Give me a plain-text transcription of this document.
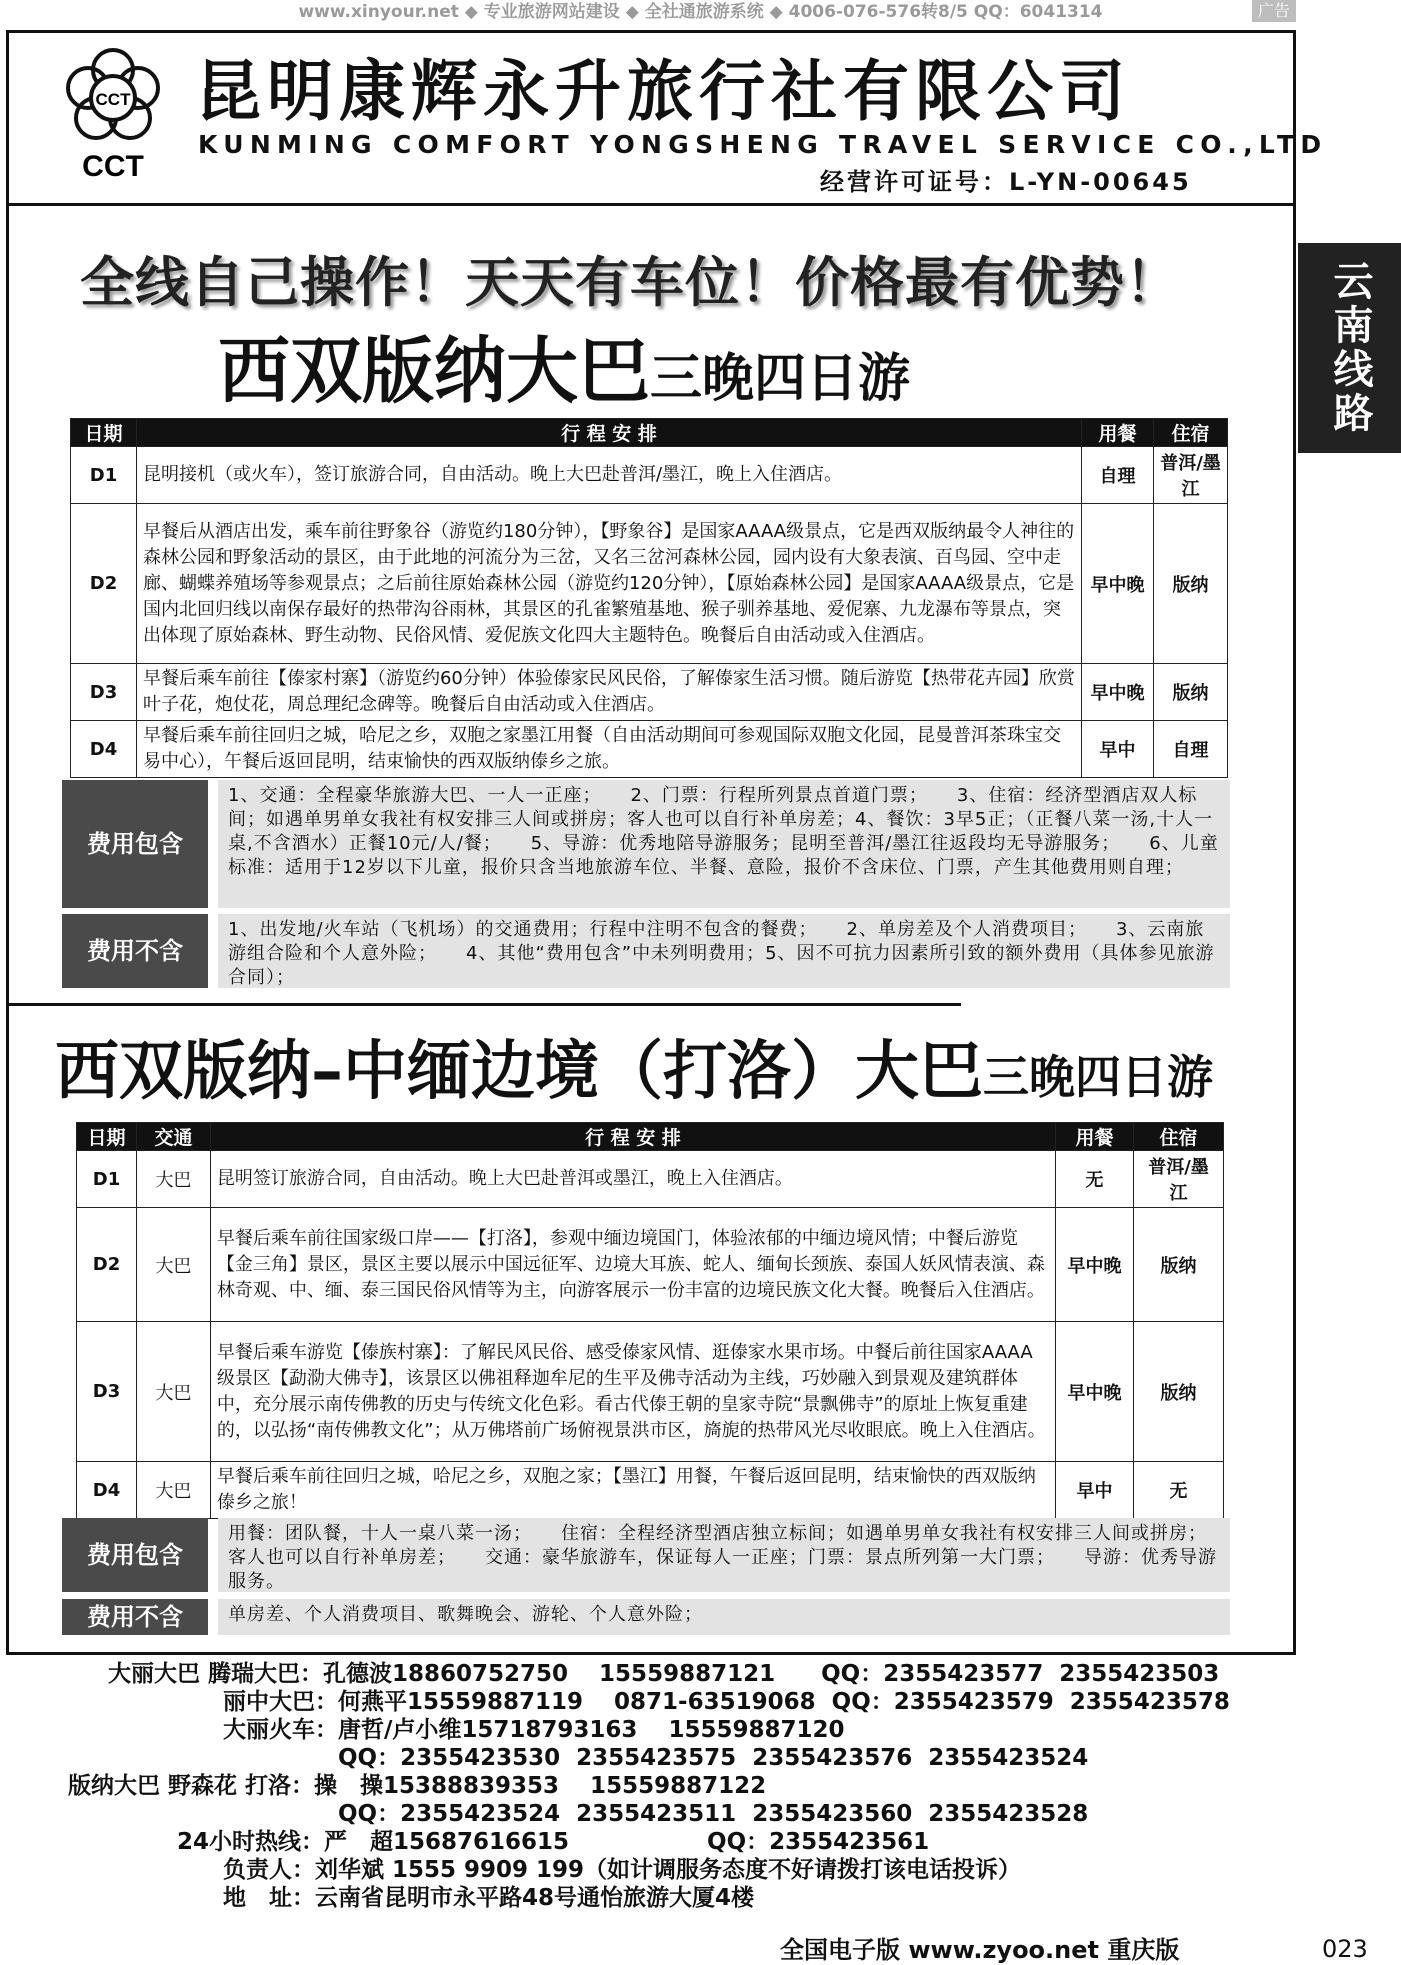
www.xinyour.net ◆ 专业旅游网站建设 ◆ 全社通旅游系统 ◆ 4006-076-576转8/5 QQ：6041314	广告
CCT
CCT
昆明康辉永升旅行社有限公司
KUNMING COMFORT YONGSHENG TRAVEL SERVICE CO.,LTD
经营许可证号：L-YN-00645
全线自己操作！天天有车位！价格最有优势！	云南线路
西双版纳大巴三晚四日游
日期	行 程 安 排	用餐	住宿
D1	昆明接机（或火车），签订旅游合同，自由活动。晚上大巴赴普洱/墨江，晚上入住酒店。	自理	普洱/墨江
D2	早餐后从酒店出发，乘车前往野象谷（游览约180分钟），【野象谷】是国家AAAA级景点，它是西双版纳最令人神往的森林公园和野象活动的景区，由于此地的河流分为三岔，又名三岔河森林公园，园内设有大象表演、百鸟园、空中走廊、蝴蝶养殖场等参观景点；之后前往原始森林公园（游览约120分钟），【原始森林公园】是国家AAAA级景点，它是国内北回归线以南保存最好的热带沟谷雨林，其景区的孔雀繁殖基地、猴子驯养基地、爱伲寨、九龙瀑布等景点，突出体现了原始森林、野生动物、民俗风情、爱伲族文化四大主题特色。晚餐后自由活动或入住酒店。	早中晚	版纳
D3	早餐后乘车前往【傣家村寨】（游览约60分钟）体验傣家民风民俗，了解傣家生活习惯。随后游览【热带花卉园】欣赏叶子花，炮仗花，周总理纪念碑等。晚餐后自由活动或入住酒店。	早中晚	版纳
D4	早餐后乘车前往回归之城，哈尼之乡，双胞之家墨江用餐（自由活动期间可参观国际双胞文化园，昆曼普洱茶珠宝交易中心），午餐后返回昆明，结束愉快的西双版纳傣乡之旅。	早中	自理
费用包含
1、交通：全程豪华旅游大巴、一人一正座；　　2、门票：行程所列景点首道门票；　　3、住宿：经济型酒店双人标间；如遇单男单女我社有权安排三人间或拼房；客人也可以自行补单房差；4、餐饮：3早5正；（正餐八菜一汤,十人一桌,不含酒水）正餐10元/人/餐；　　5、导游：优秀地陪导游服务；昆明至普洱/墨江往返段均无导游服务；　　6、儿童标准：适用于12岁以下儿童，报价只含当地旅游车位、半餐、意险，报价不含床位、门票，产生其他费用则自理；
费用不含
1、出发地/火车站（飞机场）的交通费用；行程中注明不包含的餐费；　　2、单房差及个人消费项目；　　3、云南旅游组合险和个人意外险；　　4、其他“费用包含”中未列明费用；5、因不可抗力因素所引致的额外费用（具体参见旅游合同）；
西双版纳–中缅边境（打洛）大巴三晚四日游
日期	交通	行 程 安 排	用餐	住宿
D1	大巴	昆明签订旅游合同，自由活动。晚上大巴赴普洱或墨江，晚上入住酒店。	无	普洱/墨江
D2	大巴	早餐后乘车前往国家级口岸——【打洛】，参观中缅边境国门，体验浓郁的中缅边境风情；中餐后游览【金三角】景区，景区主要以展示中国远征军、边境大耳族、蛇人、缅甸长颈族、泰国人妖风情表演、森林奇观、中、缅、泰三国民俗风情等为主，向游客展示一份丰富的边境民族文化大餐。晚餐后入住酒店。	早中晚	版纳
D3	大巴	早餐后乘车游览【傣族村寨】：了解民风民俗、感受傣家风情、逛傣家水果市场。中餐后前往国家AAAA级景区【勐泐大佛寺】，该景区以佛祖释迦牟尼的生平及佛寺活动为主线，巧妙融入到景观及建筑群体中，充分展示南传佛教的历史与传统文化色彩。看古代傣王朝的皇家寺院“景飘佛寺”的原址上恢复重建的，以弘扬“南传佛教文化”；从万佛塔前广场俯视景洪市区，旖旎的热带风光尽收眼底。晚上入住酒店。	早中晚	版纳
D4	大巴	早餐后乘车前往回归之城，哈尼之乡，双胞之家；【墨江】用餐，午餐后返回昆明，结束愉快的西双版纳傣乡之旅！	早中	无
费用包含
用餐：团队餐，十人一桌八菜一汤；　　住宿：全程经济型酒店独立标间；如遇单男单女我社有权安排三人间或拼房；客人也可以自行补单房差；　　交通：豪华旅游车，保证每人一正座；门票：景点所列第一大门票；　　导游：优秀导游服务。
费用不含	单房差、个人消费项目、歌舞晚会、游轮、个人意外险；
大丽大巴 腾瑞大巴：孔德波18860752750　 15559887121　　QQ：2355423577  2355423503
　　　　　丽中大巴：何燕平15559887119　 0871-63519068  QQ：2355423579  2355423578
　　　　　大丽火车：唐哲/卢小维15718793163　 15559887120
　　　　　　　　　　QQ：2355423530  2355423575  2355423576  2355423524
版纳大巴 野森花 打洛：操　操15388839353　 15559887122
　　　　　　　　　　QQ：2355423524  2355423511  2355423560  2355423528
　　　24小时热线：严　超15687616615　　　　　　QQ：2355423561
　　　　　负责人：刘华斌 1555 9909 199（如计调服务态度不好请拨打该电话投诉）
　　　　　地　址：云南省昆明市永平路48号通怡旅游大厦4楼
全国电子版 www.zyoo.net 重庆版	023
